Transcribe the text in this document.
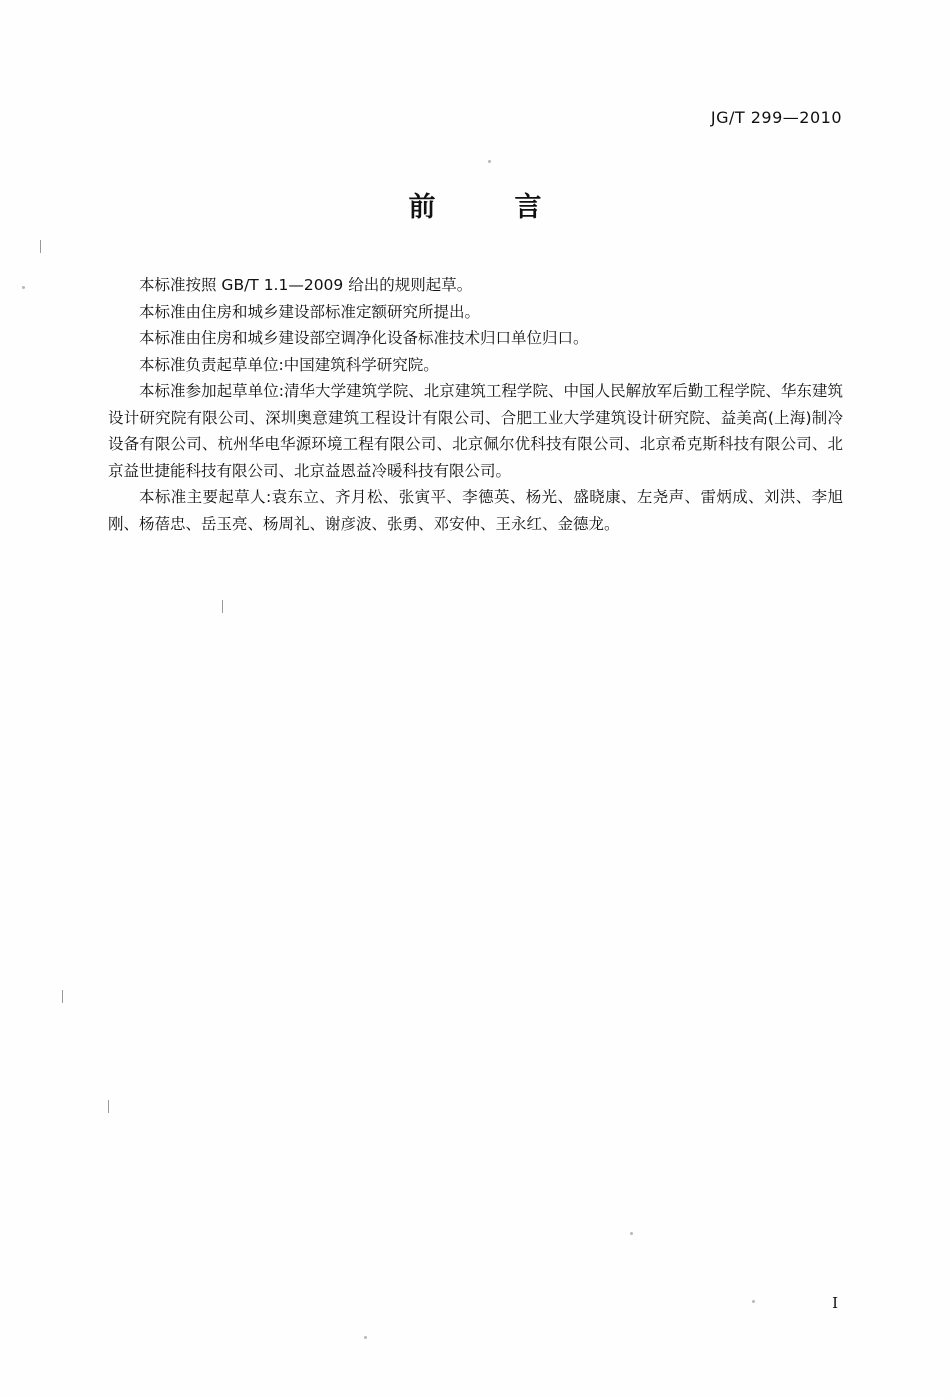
JG/T 299—2010
前　言

本标准按照 GB/T 1.1—2009 给出的规则起草。

本标准由住房和城乡建设部标准定额研究所提出。

本标准由住房和城乡建设部空调净化设备标准技术归口单位归口。

本标准负责起草单位:中国建筑科学研究院。

本标准参加起草单位:清华大学建筑学院、北京建筑工程学院、中国人民解放军后勤工程学院、华东建筑设计研究院有限公司、深圳奥意建筑工程设计有限公司、合肥工业大学建筑设计研究院、益美高(上海)制冷设备有限公司、杭州华电华源环境工程有限公司、北京佩尔优科技有限公司、北京希克斯科技有限公司、北京益世捷能科技有限公司、北京益恩益冷暖科技有限公司。

本标准主要起草人:袁东立、齐月松、张寅平、李德英、杨光、盛晓康、左尧声、雷炳成、刘洪、李旭刚、杨蓓忠、岳玉亮、杨周礼、谢彦波、张勇、邓安仲、王永红、金德龙。

I
